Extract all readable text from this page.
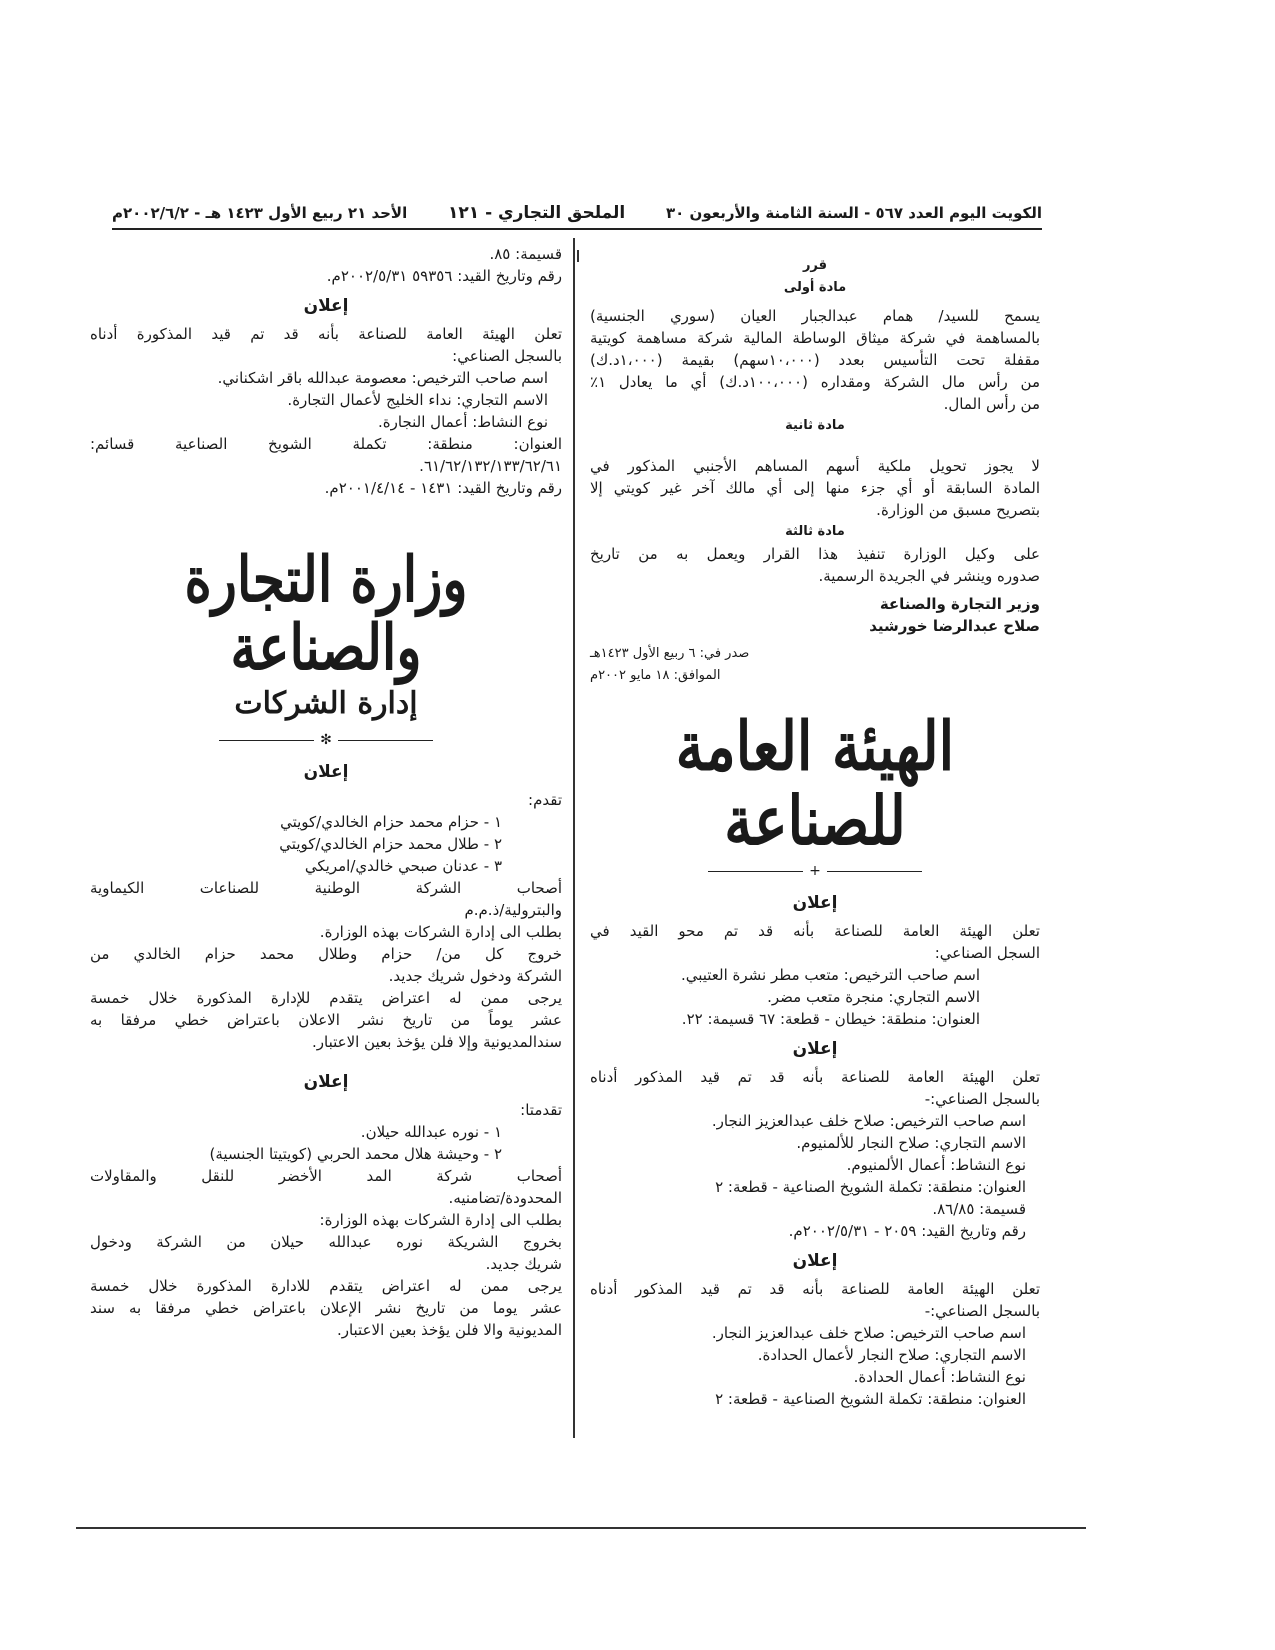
الكويت اليوم العدد ٥٦٧ - السنة الثامنة والأربعون ٣٠
الملحق التجاري - ١٢١
الأحد ٢١ ربيع الأول ١٤٢٣ هـ - ٢٠٠٢/٦/٢م
قرر
مادة أولى
يسمح للسيد/ همام عبدالجبار العيان (سوري الجنسية)
بالمساهمة في شركة ميثاق الوساطة المالية شركة مساهمة كويتية
مقفلة تحت التأسيس بعدد (١٠،٠٠٠سهم) بقيمة (١،٠٠٠د.ك)
من رأس مال الشركة ومقداره (١٠٠،٠٠٠د.ك) أي ما يعادل ١٪
من رأس المال.
مادة ثانية
لا يجوز تحويل ملكية أسهم المساهم الأجنبي المذكور في
المادة السابقة أو أي جزء منها إلى أي مالك آخر غير كويتي إلا
بتصريح مسبق من الوزارة.
مادة ثالثة
على وكيل الوزارة تنفيذ هذا القرار ويعمل به من تاريخ
صدوره وينشر في الجريدة الرسمية.
وزير التجارة والصناعة
صلاح عبدالرضا خورشيد
صدر في: ٦ ربيع الأول ١٤٢٣هـ
الموافق: ١٨ مايو ٢٠٠٢م
الهيئة العامة للصناعة
+
إعلان
تعلن الهيئة العامة للصناعة بأنه قد تم محو القيد في
السجل الصناعي:
اسم صاحب الترخيص: متعب مطر نشرة العتيبي.
الاسم التجاري: منجرة متعب مضر.
العنوان: منطقة: خيطان - قطعة: ٦٧ قسيمة: ٢٢.
إعلان
تعلن الهيئة العامة للصناعة بأنه قد تم قيد المذكور أدناه
بالسجل الصناعي:-
اسم صاحب الترخيص: صلاح خلف عبدالعزيز النجار.
الاسم التجاري: صلاح النجار للألمنيوم.
نوع النشاط: أعمال الألمنيوم.
العنوان: منطقة: تكملة الشويخ الصناعية - قطعة: ٢
قسيمة: ٨٦/٨٥.
رقم وتاريخ القيد: ٢٠٥٩ - ٢٠٠٢/٥/٣١م.
إعلان
تعلن الهيئة العامة للصناعة بأنه قد تم قيد المذكور أدناه
بالسجل الصناعي:-
اسم صاحب الترخيص: صلاح خلف عبدالعزيز النجار.
الاسم التجاري: صلاح النجار لأعمال الحدادة.
نوع النشاط: أعمال الحدادة.
العنوان: منطقة: تكملة الشويخ الصناعية - قطعة: ٢
قسيمة: ٨٥.
رقم وتاريخ القيد: ٥٩٣٥٦ ٢٠٠٢/٥/٣١م.
إعلان
تعلن الهيئة العامة للصناعة بأنه قد تم قيد المذكورة أدناه
بالسجل الصناعي:
اسم صاحب الترخيص: معصومة عبدالله باقر اشكناني.
الاسم التجاري: نداء الخليج لأعمال التجارة.
نوع النشاط: أعمال النجارة.
العنوان: منطقة: تكملة الشويخ الصناعية قسائم:
٦١/٦٢/١٣٢/١٣٣/٦٢/٦١.
رقم وتاريخ القيد: ١٤٣١ - ٢٠٠١/٤/١٤م.
وزارة التجارة والصناعة
إدارة الشركات
✻
إعلان
تقدم:
١ - حزام محمد حزام الخالدي/كويتي
٢ - طلال محمد حزام الخالدي/كويتي
٣ - عدنان صبحي خالدي/امريكي
أصحاب الشركة الوطنية للصناعات الكيماوية
والبترولية/ذ.م.م
بطلب الى إدارة الشركات بهذه الوزارة.
خروج كل من/ حزام وطلال محمد حزام الخالدي من
الشركة ودخول شريك جديد.
يرجى ممن له اعتراض يتقدم للإدارة المذكورة خلال خمسة
عشر يوماً من تاريخ نشر الاعلان باعتراض خطي مرفقا به
سندالمديونية وإلا فلن يؤخذ بعين الاعتبار.
إعلان
تقدمتا:
١ - نوره عبدالله حيلان.
٢ - وحيشة هلال محمد الحربي (كويتيتا الجنسية)
أصحاب شركة المد الأخضر للنقل والمقاولات
المحدودة/تضامنيه.
بطلب الى إدارة الشركات بهذه الوزارة:
بخروج الشريكة نوره عبدالله حيلان من الشركة ودخول
شريك جديد.
يرجى ممن له اعتراض يتقدم للادارة المذكورة خلال خمسة
عشر يوما من تاريخ نشر الإعلان باعتراض خطي مرفقا به سند
المديونية والا فلن يؤخذ بعين الاعتبار.
